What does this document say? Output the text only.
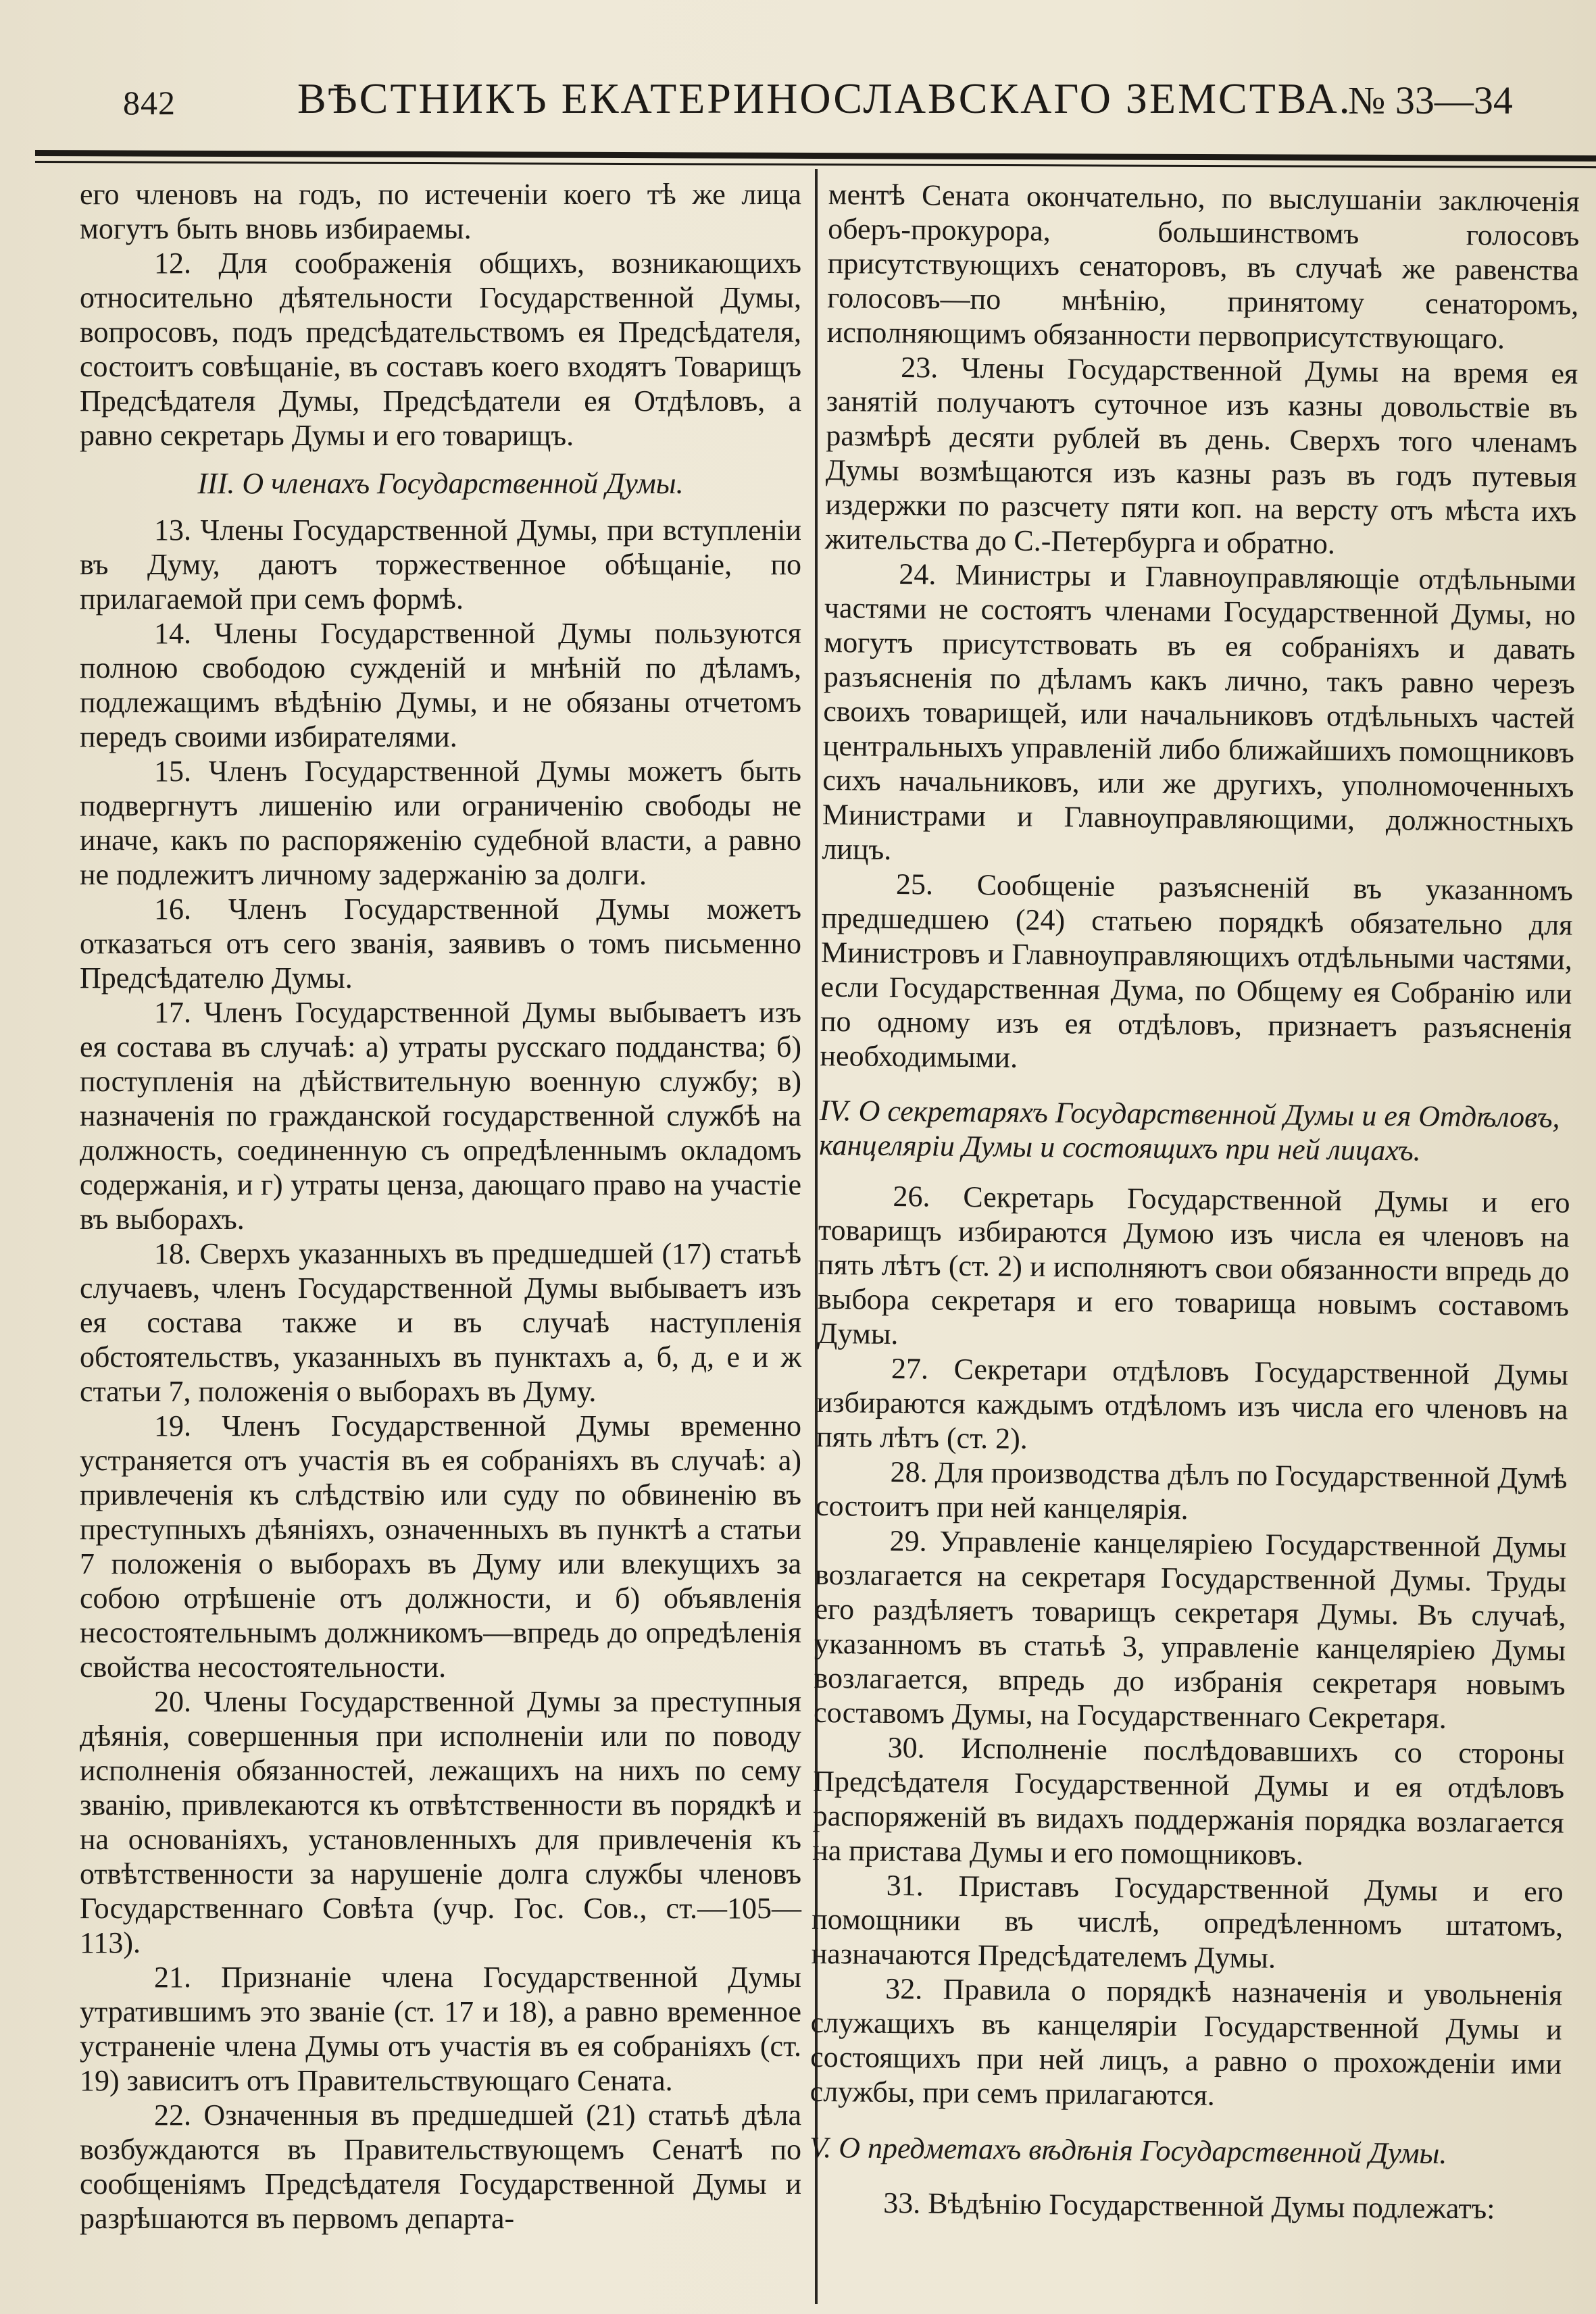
842	ВѢСТНИКЪ ЕКАТЕРИНОСЛАВСКАГО ЗЕМСТВА.
№ 33—34

его членовъ на годъ, по истеченіи коего тѣ же лица могутъ быть вновь избираемы.

12. Для соображенія общихъ, возникающихъ относительно дѣятельности Государственной Думы, вопросовъ, подъ предсѣдательствомъ ея Предсѣдателя, состоитъ совѣщаніе, въ составъ коего входятъ Товарищъ Предсѣдателя Думы, Предсѣдатели ея Отдѣловъ, а равно секретарь Думы и его товарищъ.

III. О членахъ Государственной Думы.

13. Члены Государственной Думы, при вступленіи въ Думу, даютъ торжественное обѣщаніе, по прилагаемой при семъ формѣ.

14. Члены Государственной Думы пользуются полною свободою сужденій и мнѣній по дѣламъ, подлежащимъ вѣдѣнію Думы, и не обязаны отчетомъ передъ своими избирателями.

15. Членъ Государственной Думы можетъ быть подвергнутъ лишенію или ограниченію свободы не иначе, какъ по распоряженію судебной власти, а равно не подлежитъ личному задержанію за долги.

16. Членъ Государственной Думы можетъ отказаться отъ сего званія, заявивъ о томъ письменно Предсѣдателю Думы.

17. Членъ Государственной Думы выбываетъ изъ ея состава въ случаѣ: а) утраты русскаго подданства; б) поступленія на дѣйствительную военную службу; в) назначенія по гражданской государственной службѣ на должность, соединенную съ опредѣленнымъ окладомъ содержанія, и г) утраты ценза, дающаго право на участіе въ выборахъ.

18. Сверхъ указанныхъ въ предшедшей (17) статьѣ случаевъ, членъ Государственной Думы выбываетъ изъ ея состава также и въ случаѣ наступленія обстоятельствъ, указанныхъ въ пунктахъ а, б, д, е и ж статьи 7, положенія о выборахъ въ Думу.

19. Членъ Государственной Думы временно устраняется отъ участія въ ея собраніяхъ въ случаѣ: а) привлеченія къ слѣдствію или суду по обвиненію въ преступныхъ дѣяніяхъ, означенныхъ въ пунктѣ а статьи 7 положенія о выборахъ въ Думу или влекущихъ за собою отрѣшеніе отъ должности, и б) объявленія несостоятельнымъ должникомъ—впредь до опредѣленія свойства несостоятельности.

20. Члены Государственной Думы за преступныя дѣянія, совершенныя при исполненіи или по поводу исполненія обязанностей, лежащихъ на нихъ по сему званію, привлекаются къ отвѣтственности въ порядкѣ и на основаніяхъ, установленныхъ для привлеченія къ отвѣтственности за нарушеніе долга службы членовъ Государственнаго Совѣта (учр. Гос. Сов., ст.—105—113).

21. Признаніе члена Государственной Думы утратившимъ это званіе (ст. 17 и 18), а равно временное устраненіе члена Думы отъ участія въ ея собраніяхъ (ст. 19) зависитъ отъ Правительствующаго Сената.

22. Означенныя въ предшедшей (21) статьѣ дѣла возбуждаются въ Правительствующемъ Сенатѣ по сообщеніямъ Предсѣдателя Государственной Думы и разрѣшаются въ первомъ департа-

ментѣ Сената окончательно, по выслушаніи заключенія оберъ-прокурора, большинствомъ голосовъ присутствующихъ сенаторовъ, въ случаѣ же равенства голосовъ—по мнѣнію, принятому сенаторомъ, исполняющимъ обязанности первоприсутствующаго.

23. Члены Государственной Думы на время ея занятій получаютъ суточное изъ казны довольствіе въ размѣрѣ десяти рублей въ день. Сверхъ того членамъ Думы возмѣщаются изъ казны разъ въ годъ путевыя издержки по разсчету пяти коп. на версту отъ мѣста ихъ жительства до С.-Петербурга и обратно.

24. Министры и Главноуправляющіе отдѣльными частями не состоятъ членами Государственной Думы, но могутъ присутствовать въ ея собраніяхъ и давать разъясненія по дѣламъ какъ лично, такъ равно черезъ своихъ товарищей, или начальниковъ отдѣльныхъ частей центральныхъ управленій либо ближайшихъ помощниковъ сихъ начальниковъ, или же другихъ, уполномоченныхъ Министрами и Главноуправляющими, должностныхъ лицъ.

25. Сообщеніе разъясненій въ указанномъ предшедшею (24) статьею порядкѣ обязательно для Министровъ и Главноуправляющихъ отдѣльными частями, если Государственная Дума, по Общему ея Собранію или по одному изъ ея отдѣловъ, признаетъ разъясненія необходимыми.

IV. О секретаряхъ Государственной Думы и ея Отдѣловъ, канцеляріи Думы и состоящихъ при ней лицахъ.

26. Секретарь Государственной Думы и его товарищъ избираются Думою изъ числа ея членовъ на пять лѣтъ (ст. 2) и исполняютъ свои обязанности впредь до выбора секретаря и его товарища новымъ составомъ Думы.

27. Секретари отдѣловъ Государственной Думы избираются каждымъ отдѣломъ изъ числа его членовъ на пять лѣтъ (ст. 2).

28. Для производства дѣлъ по Государственной Думѣ состоитъ при ней канцелярія.

29. Управленіе канцеляріею Государственной Думы возлагается на секретаря Государственной Думы. Труды его раздѣляетъ товарищъ секретаря Думы. Въ случаѣ, указанномъ въ статьѣ 3, управленіе канцеляріею Думы возлагается, впредь до избранія секретаря новымъ составомъ Думы, на Государственнаго Секретаря.

30. Исполненіе послѣдовавшихъ со стороны Предсѣдателя Государственной Думы и ея отдѣловъ распоряженій въ видахъ поддержанія порядка возлагается на пристава Думы и его помощниковъ.

31. Приставъ Государственной Думы и его помощники въ числѣ, опредѣленномъ штатомъ, назначаются Предсѣдателемъ Думы.

32. Правила о порядкѣ назначенія и увольненія служащихъ въ канцеляріи Государственной Думы и состоящихъ при ней лицъ, а равно о прохожденіи ими службы, при семъ прилагаются.

V. О предметахъ вѣдѣнія Государственной Думы.

33. Вѣдѣнію Государственной Думы подлежатъ:
